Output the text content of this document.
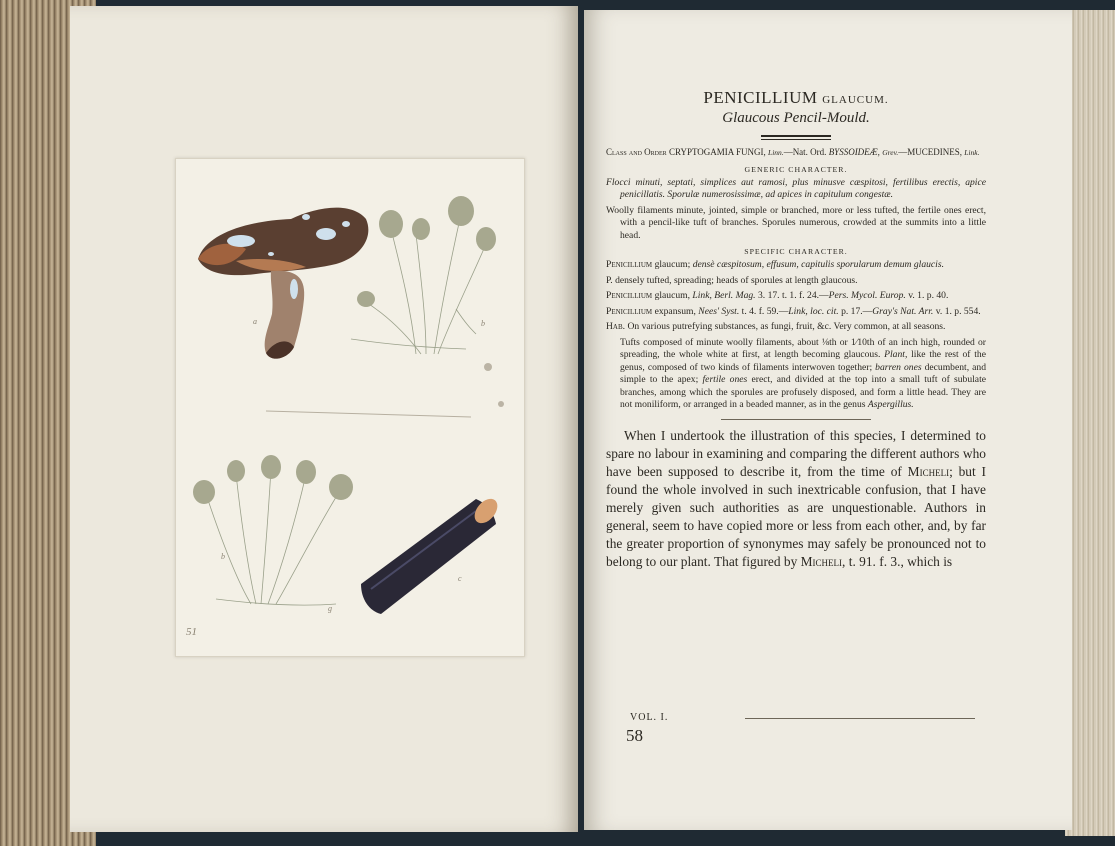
a	b
b
g
c
51
PENICILLIUM GLAUCUM.
Glaucous Pencil-Mould.
Class and Order CRYPTOGAMIA FUNGI, Linn.—Nat. Ord. BYSSOIDEÆ, Grev.—MUCEDINES, Link.
GENERIC CHARACTER.

Flocci minuti, septati, simplices aut ramosi, plus minusve cæspitosi, fertilibus erectis, apice penicillatis. Sporulæ numerosissimæ, ad apices in capitulum congestæ.

Woolly filaments minute, jointed, simple or branched, more or less tufted, the fertile ones erect, with a pencil-like tuft of branches. Sporules numerous, crowded at the summits into a little head.

SPECIFIC CHARACTER.

Penicillium glaucum; densè cæspitosum, effusum, capitulis sporularum demum glaucis.

P. densely tufted, spreading; heads of sporules at length glaucous.

Penicillium glaucum, Link, Berl. Mag. 3. 17. t. 1. f. 24.—Pers. Mycol. Europ. v. 1. p. 40.

Penicillium expansum, Nees' Syst. t. 4. f. 59.—Link, loc. cit. p. 17.—Gray's Nat. Arr. v. 1. p. 554.

Hab. On various putrefying substances, as fungi, fruit, &c. Very common, at all seasons.

Tufts composed of minute woolly filaments, about ⅛th or 1⁄10th of an inch high, rounded or spreading, the whole white at first, at length becoming glaucous. Plant, like the rest of the genus, composed of two kinds of filaments interwoven together; barren ones decumbent, and simple to the apex; fertile ones erect, and divided at the top into a small tuft of subulate branches, among which the sporules are profusely disposed, and form a little head. They are not moniliform, or arranged in a beaded manner, as in the genus Aspergillus.

When I undertook the illustration of this species, I determined to spare no labour in examining and comparing the different authors who have been supposed to describe it, from the time of Micheli; but I found the whole involved in such inextricable confusion, that I have merely given such authorities as are unquestionable. Authors in general, seem to have copied more or less from each other, and, by far the greater proportion of synonymes may safely be pronounced not to belong to our plant. That figured by Micheli, t. 91. f. 3., which is

VOL. I.
58
